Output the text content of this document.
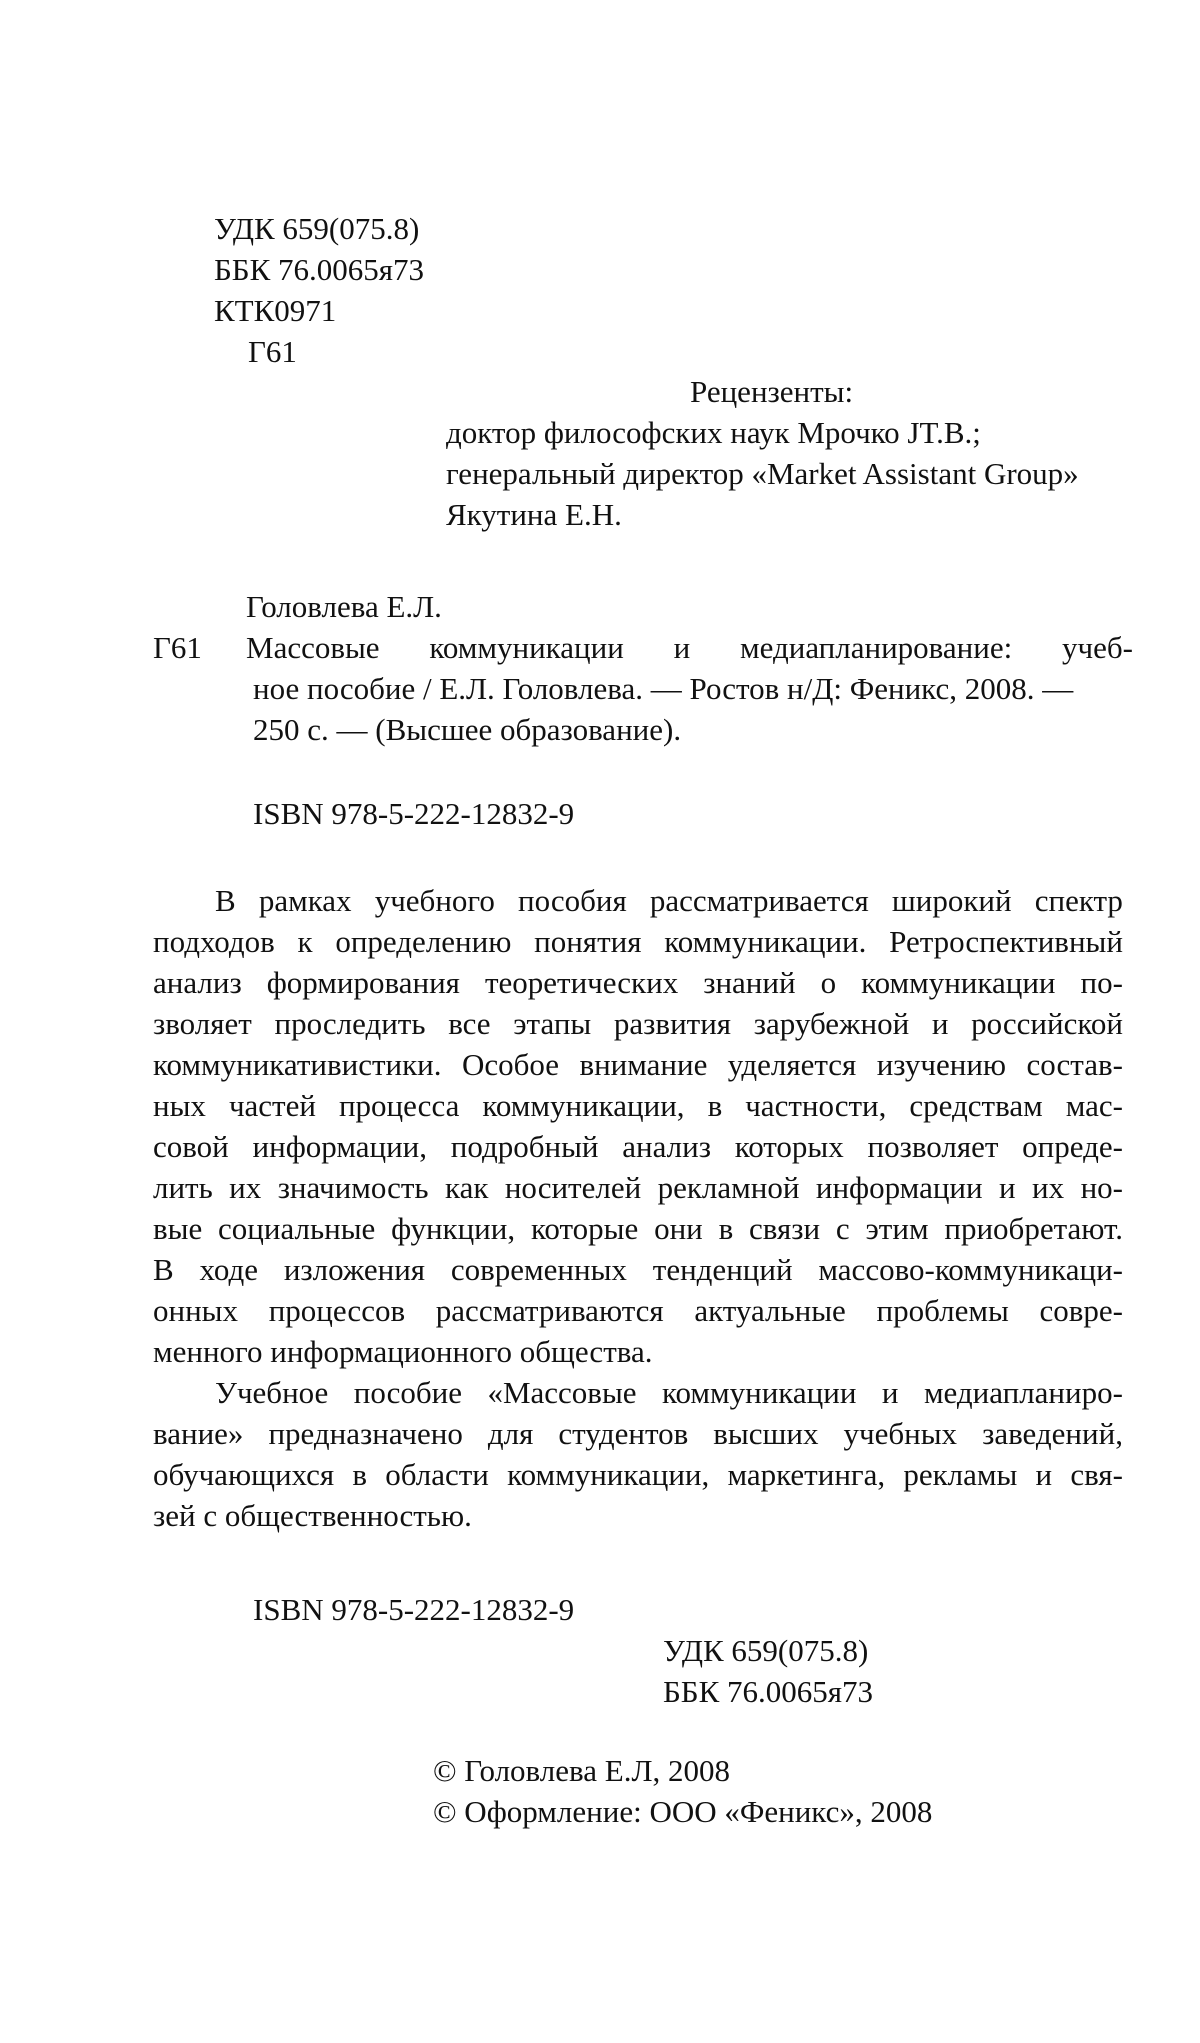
УДК 659(075.8)
ББК 76.0065я73
КТК0971
Г61
Рецензенты:
доктор философских наук Мрочко JT.B.;
генеральный директор «Market Assistant Group»
Якутина Е.Н.
Головлева Е.Л.
Г61 Массовые коммуникации и медиапланирование: учеб-
ное пособие / Е.Л. Головлева. — Ростов н/Д: Феникс, 2008. —
250 с. — (Высшее образование).
ISBN 978-5-222-12832-9
В рамках учебного пособия рассматривается широкий спектр
подходов к определению понятия коммуникации. Ретроспективный
анализ формирования теоретических знаний о коммуникации по-
зволяет проследить все этапы развития зарубежной и российской
коммуникативистики. Особое внимание уделяется изучению состав-
ных частей процесса коммуникации, в частности, средствам мас-
совой информации, подробный анализ которых позволяет опреде-
лить их значимость как носителей рекламной информации и их но-
вые социальные функции, которые они в связи с этим приобретают.
В ходе изложения современных тенденций массово-коммуникаци-
онных процессов рассматриваются актуальные проблемы совре-
менного информационного общества.
Учебное пособие «Массовые коммуникации и медиапланиро-
вание» предназначено для студентов высших учебных заведений,
обучающихся в области коммуникации, маркетинга, рекламы и свя-
зей с общественностью.
ISBN 978-5-222-12832-9
УДК 659(075.8)
ББК 76.0065я73
© Головлева Е.Л, 2008
© Оформление: ООО «Феникс», 2008
